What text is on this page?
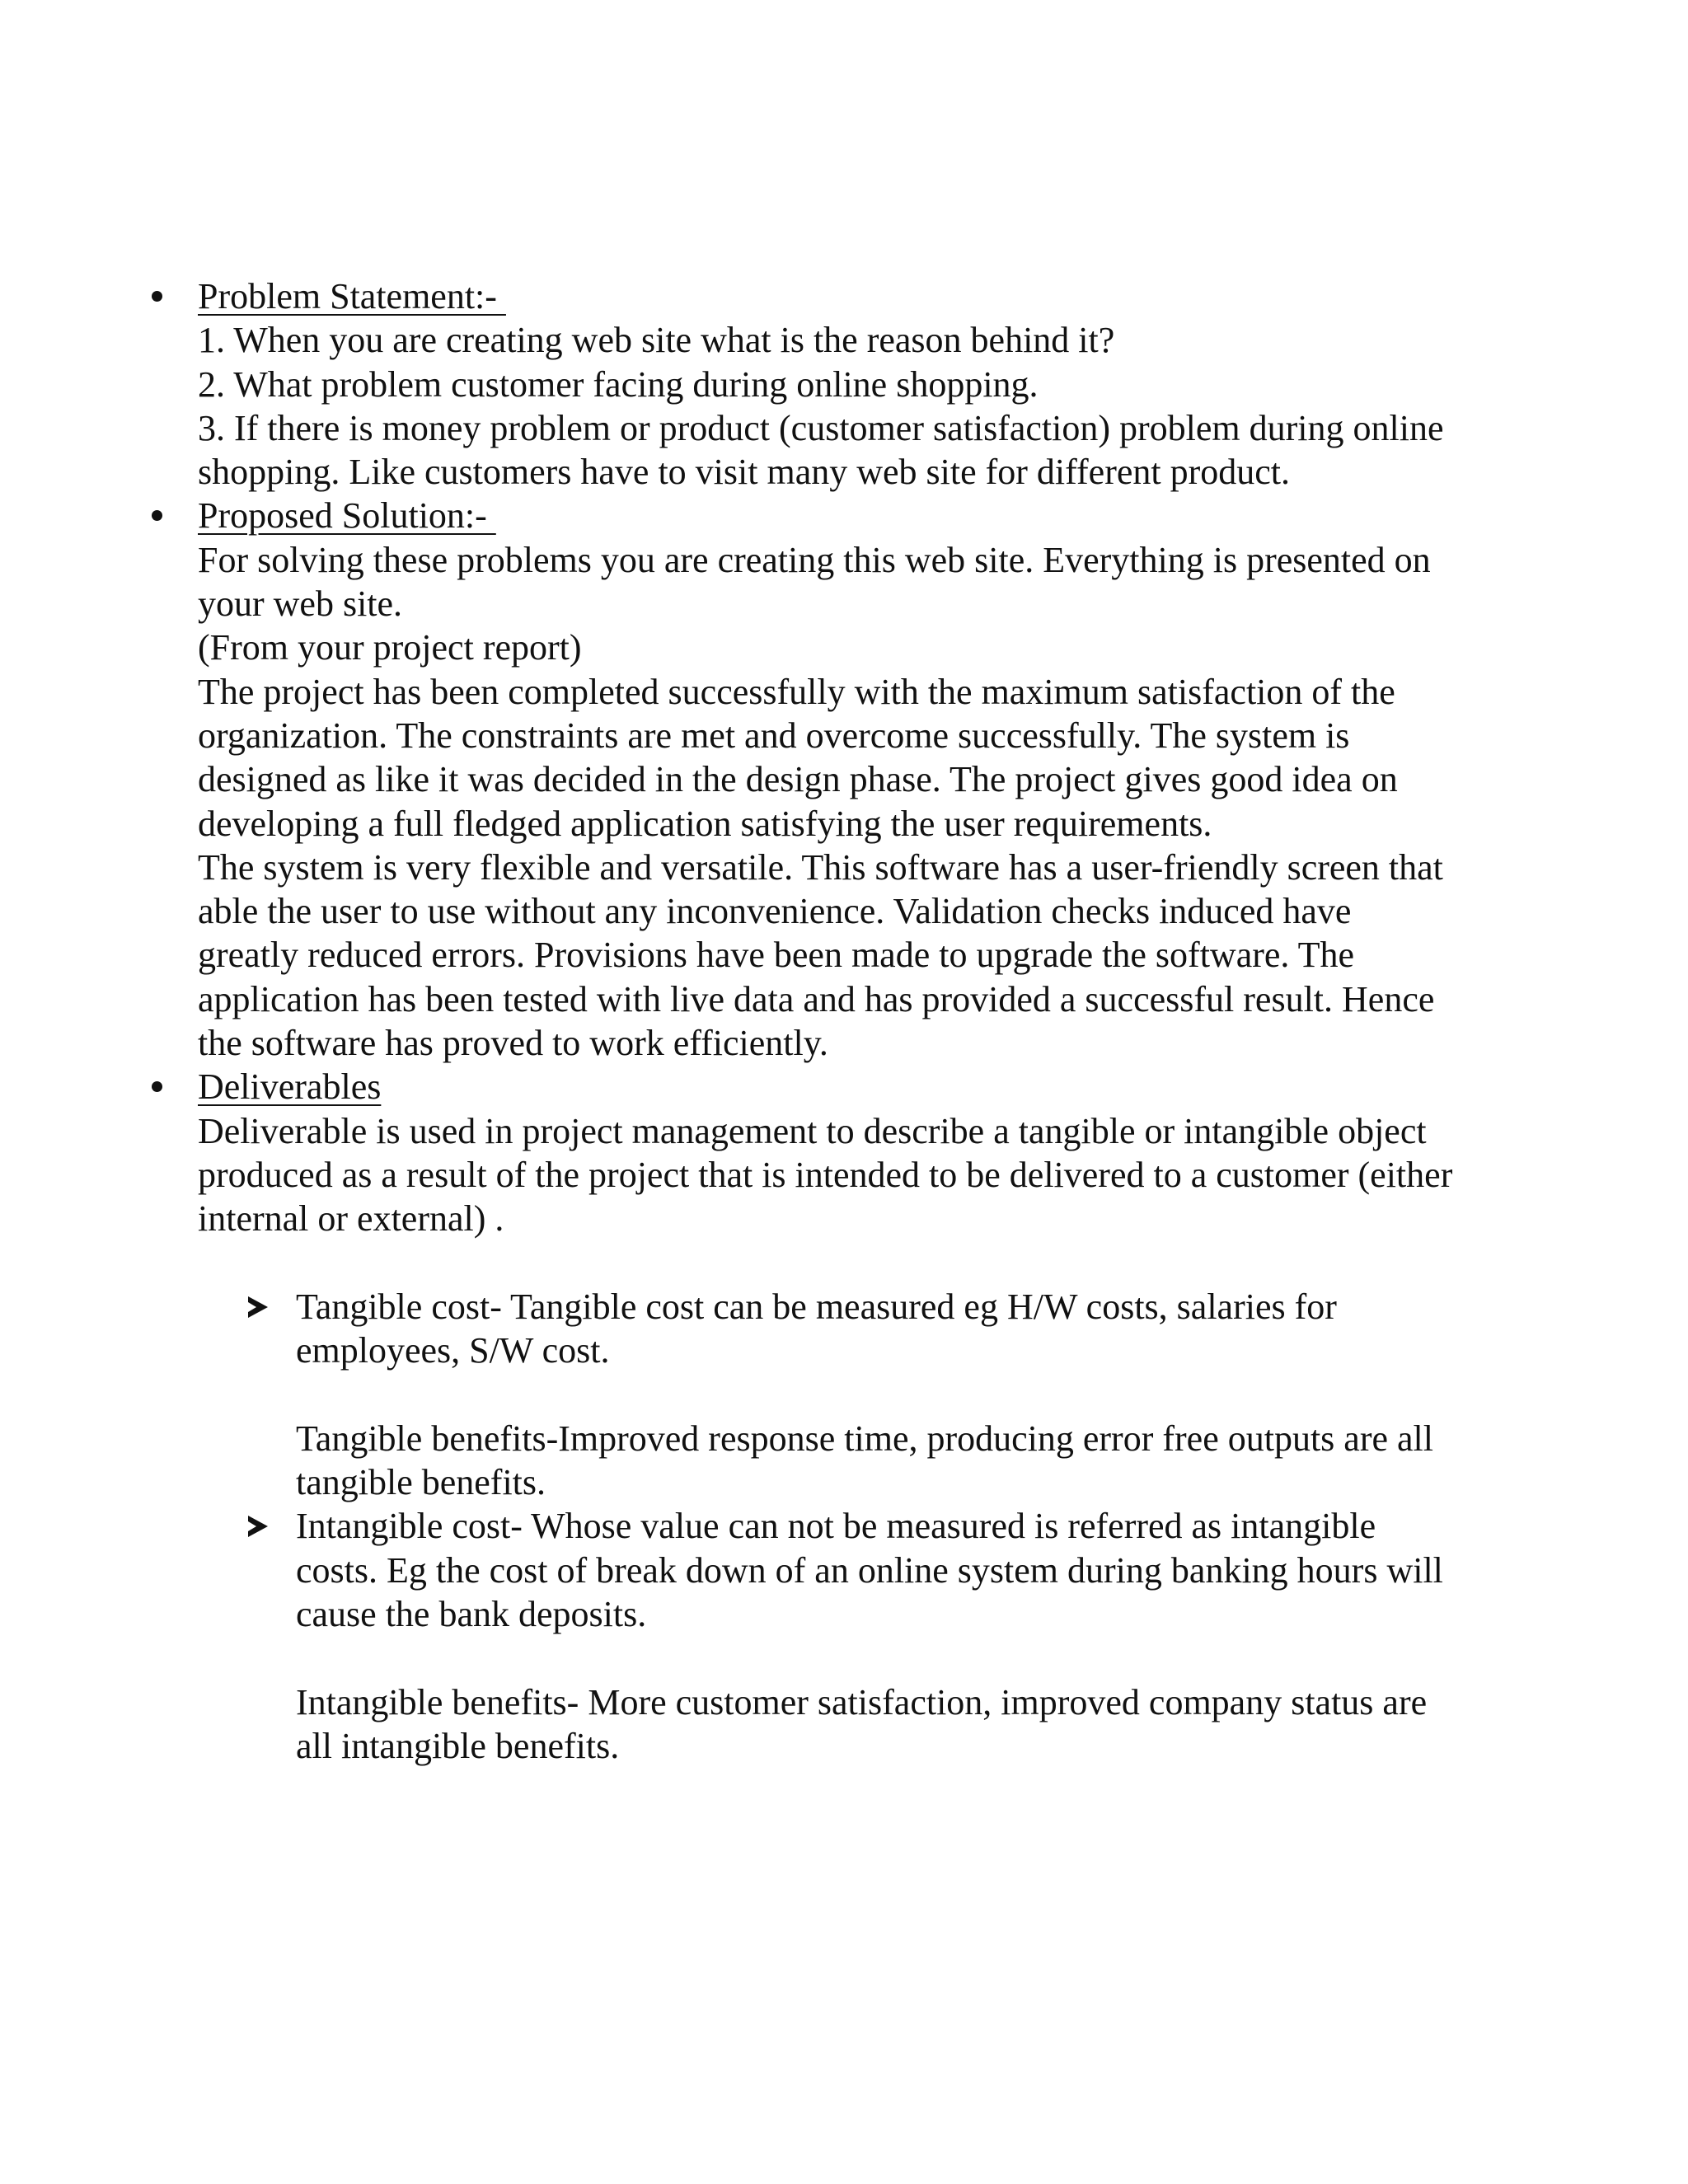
Problem Statement:-
1. When you are creating web site what is the reason behind it?
2. What problem customer facing during online shopping.
3. If there is money problem or product (customer satisfaction) problem during online
shopping. Like customers have to visit many web site for different product.
Proposed Solution:-
For solving these problems you are creating this web site. Everything is presented on
your web site.
(From your project report)
The project has been completed successfully with the maximum satisfaction of the
organization. The constraints are met and overcome successfully. The system is
designed as like it was decided in the design phase. The project gives good idea on
developing a full fledged application satisfying the user requirements.
The system is very flexible and versatile. This software has a user-friendly screen that
able the user to use without any inconvenience. Validation checks induced have
greatly reduced errors. Provisions have been made to upgrade the software. The
application has been tested with live data and has provided a successful result. Hence
the software has proved to work efficiently.
Deliverables
Deliverable is used in project management to describe a tangible or intangible object
produced as a result of the project that is intended to be delivered to a customer (either
internal or external) .
Tangible cost- Tangible cost can be measured eg H/W costs, salaries for
employees, S/W cost.
Tangible benefits-Improved response time, producing error free outputs are all
tangible benefits.
Intangible cost- Whose value can not be measured is referred as intangible
costs. Eg the cost of break down of an online system during banking hours will
cause the bank deposits.
Intangible benefits- More customer satisfaction, improved company status are
all intangible benefits.
